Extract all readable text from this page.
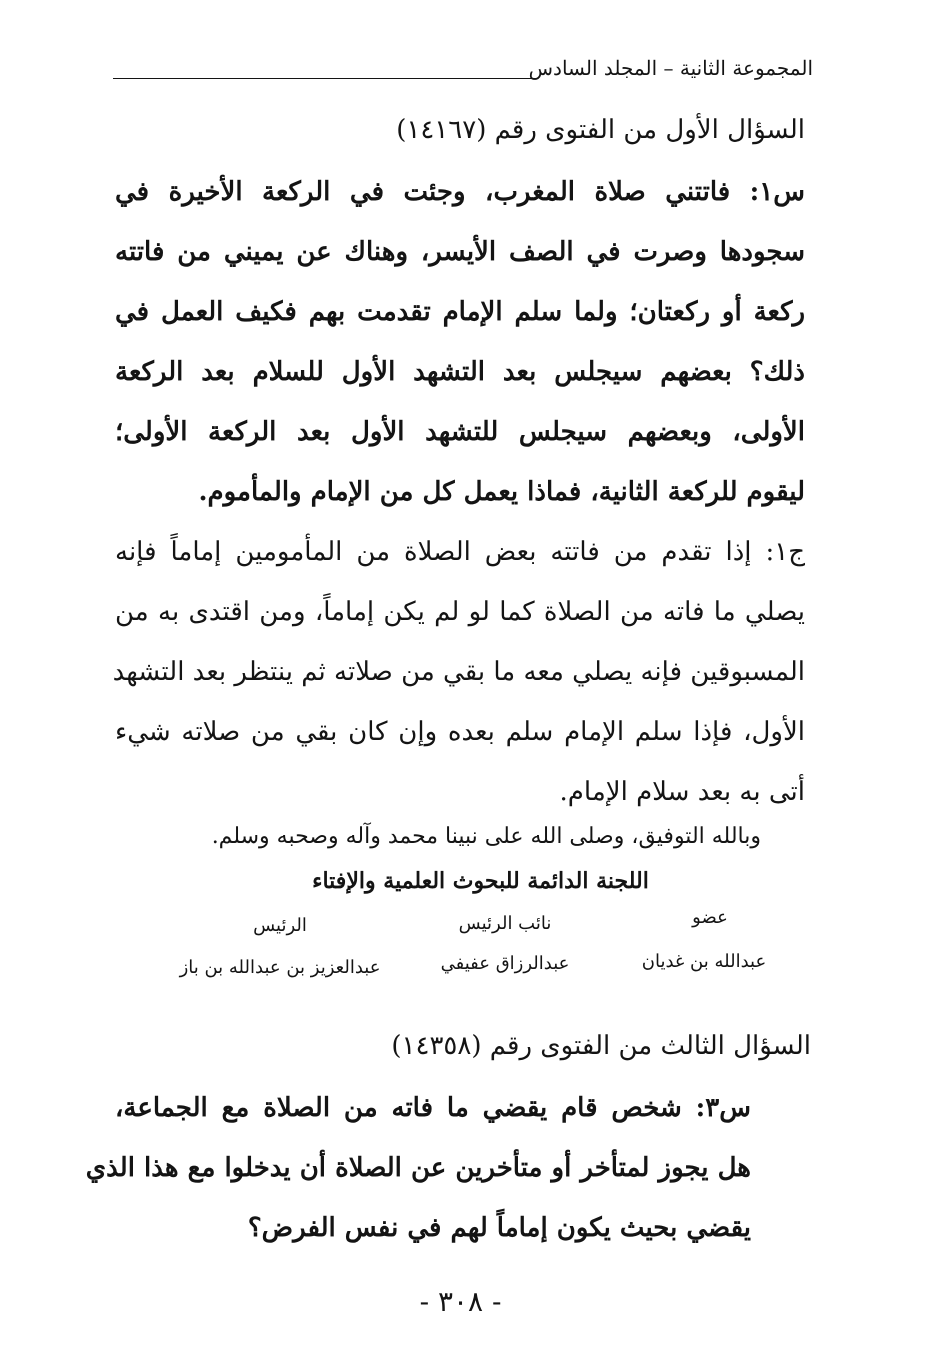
المجموعة الثانية – المجلد السادس
السؤال الأول من الفتوى رقم (١٤١٦٧)
س١: فاتتني صلاة المغرب، وجئت في الركعة الأخيرة في
سجودها وصرت في الصف الأيسر، وهناك عن يميني من فاتته
ركعة أو ركعتان؛ ولما سلم الإمام تقدمت بهم فكيف العمل في
ذلك؟ بعضهم سيجلس بعد التشهد الأول للسلام بعد الركعة
الأولى، وبعضهم سيجلس للتشهد الأول بعد الركعة الأولى؛
ليقوم للركعة الثانية، فماذا يعمل كل من الإمام والمأموم.
ج١: إذا تقدم من فاتته بعض الصلاة من المأمومين إماماً فإنه
يصلي ما فاته من الصلاة كما لو لم يكن إماماً، ومن اقتدى به من
المسبوقين فإنه يصلي معه ما بقي من صلاته ثم ينتظر بعد التشهد
الأول، فإذا سلم الإمام سلم بعده وإن كان بقي من صلاته شيء
أتى به بعد سلام الإمام.
وبالله التوفيق، وصلى الله على نبينا محمد وآله وصحبه وسلم.
اللجنة الدائمة للبحوث العلمية والإفتاء
عضو
نائب الرئيس
الرئيس
عبدالله بن غديان
عبدالرزاق عفيفي
عبدالعزيز بن عبدالله بن باز
السؤال الثالث من الفتوى رقم (١٤٣٥٨)
س٣: شخص قام يقضي ما فاته من الصلاة مع الجماعة،
هل يجوز لمتأخر أو متأخرين عن الصلاة أن يدخلوا مع هذا الذي
يقضي بحيث يكون إماماً لهم في نفس الفرض؟
- ٣٠٨ -
